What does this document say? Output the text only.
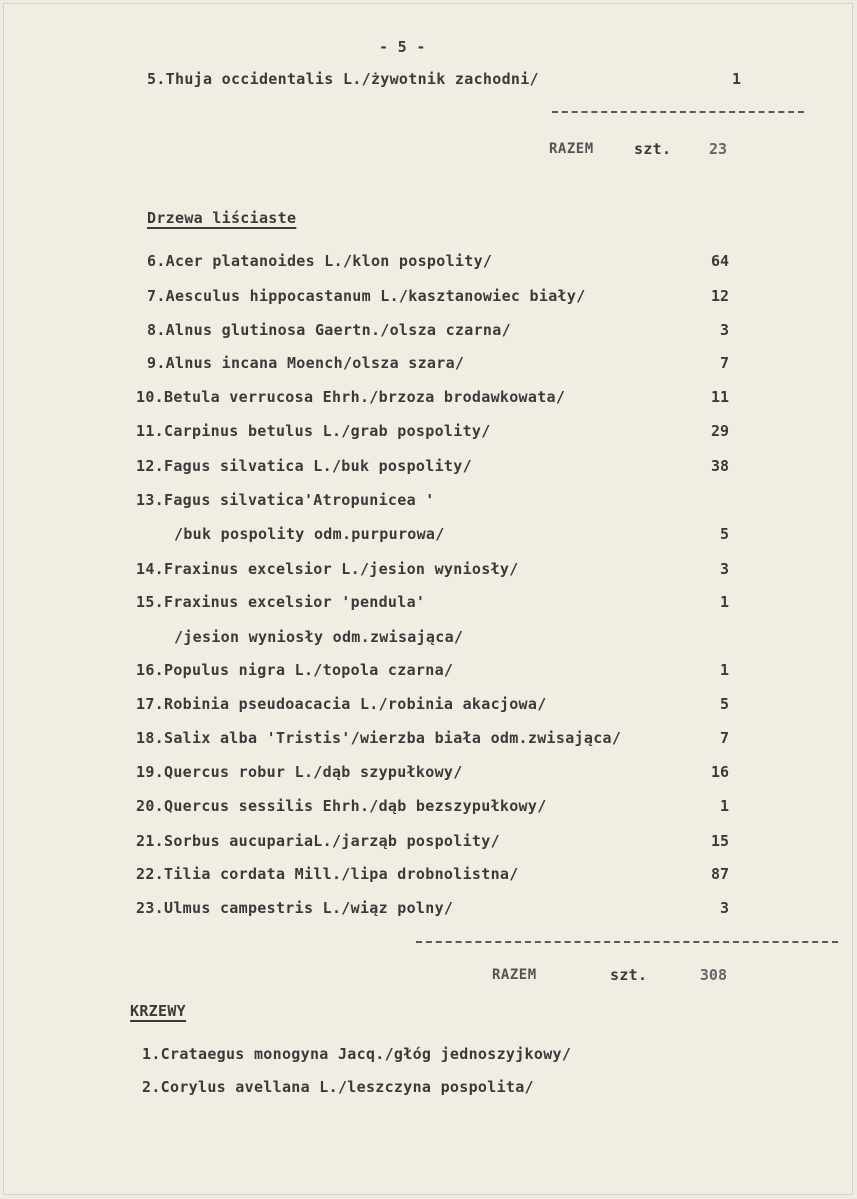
- 5 -
5.Thuja occidentalis L./żywotnik zachodni/	1
RAZEM	szt.	23
Drzewa liściaste
6.Acer platanoides L./klon pospolity/	64
7.Aesculus hippocastanum L./kasztanowiec biały/	12
8.Alnus glutinosa Gaertn./olsza czarna/	3
9.Alnus incana Moench/olsza szara/	7
10.Betula verrucosa Ehrh./brzoza brodawkowata/	11
11.Carpinus betulus L./grab pospolity/	29
12.Fagus silvatica L./buk pospolity/	38
13.Fagus silvatica'Atropunicea '
/buk pospolity odm.purpurowa/	5
14.Fraxinus excelsior L./jesion wyniosły/	3
15.Fraxinus excelsior 'pendula'	1
/jesion wyniosły odm.zwisająca/
16.Populus nigra L./topola czarna/	1
17.Robinia pseudoacacia L./robinia akacjowa/	5
18.Salix alba 'Tristis'/wierzba biała odm.zwisająca/	7
19.Quercus robur L./dąb szypułkowy/	16
20.Quercus sessilis Ehrh./dąb bezszypułkowy/	1
21.Sorbus aucupariaL./jarząb pospolity/	15
22.Tilia cordata Mill./lipa drobnolistna/	87
23.Ulmus campestris L./wiąz polny/	3
RAZEM	szt.	308
KRZEWY
1.Crataegus monogyna Jacq./głóg jednoszyjkowy/
2.Corylus avellana L./leszczyna pospolita/
